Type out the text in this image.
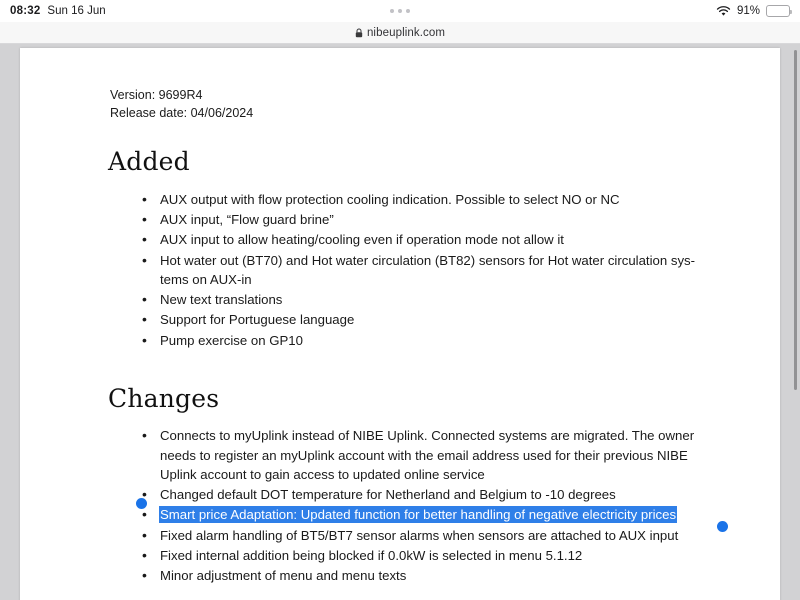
08:32 Sun 16 Jun	91%
nibeuplink.com
Version: 9699R4
Release date: 04/06/2024
Added
• AUX output with flow protection cooling indication. Possible to select NO or NC
• AUX input, “Flow guard brine”
• AUX input to allow heating/cooling even if operation mode not allow it
• Hot water out (BT70) and Hot water circulation (BT82) sensors for Hot water circulation sys- tems on AUX-in
• New text translations
• Support for Portuguese language
• Pump exercise on GP10
Changes
• Connects to myUplink instead of NIBE Uplink. Connected systems are migrated. The owner needs to register an myUplink account with the email address used for their previous NIBE Uplink account to gain access to updated online service
• Changed default DOT temperature for Netherland and Belgium to -10 degrees
• Smart price Adaptation: Updated function for better handling of negative electricity prices
• Fixed alarm handling of BT5/BT7 sensor alarms when sensors are attached to AUX input
• Fixed internal addition being blocked if 0.0kW is selected in menu 5.1.12
• Minor adjustment of menu and menu texts
